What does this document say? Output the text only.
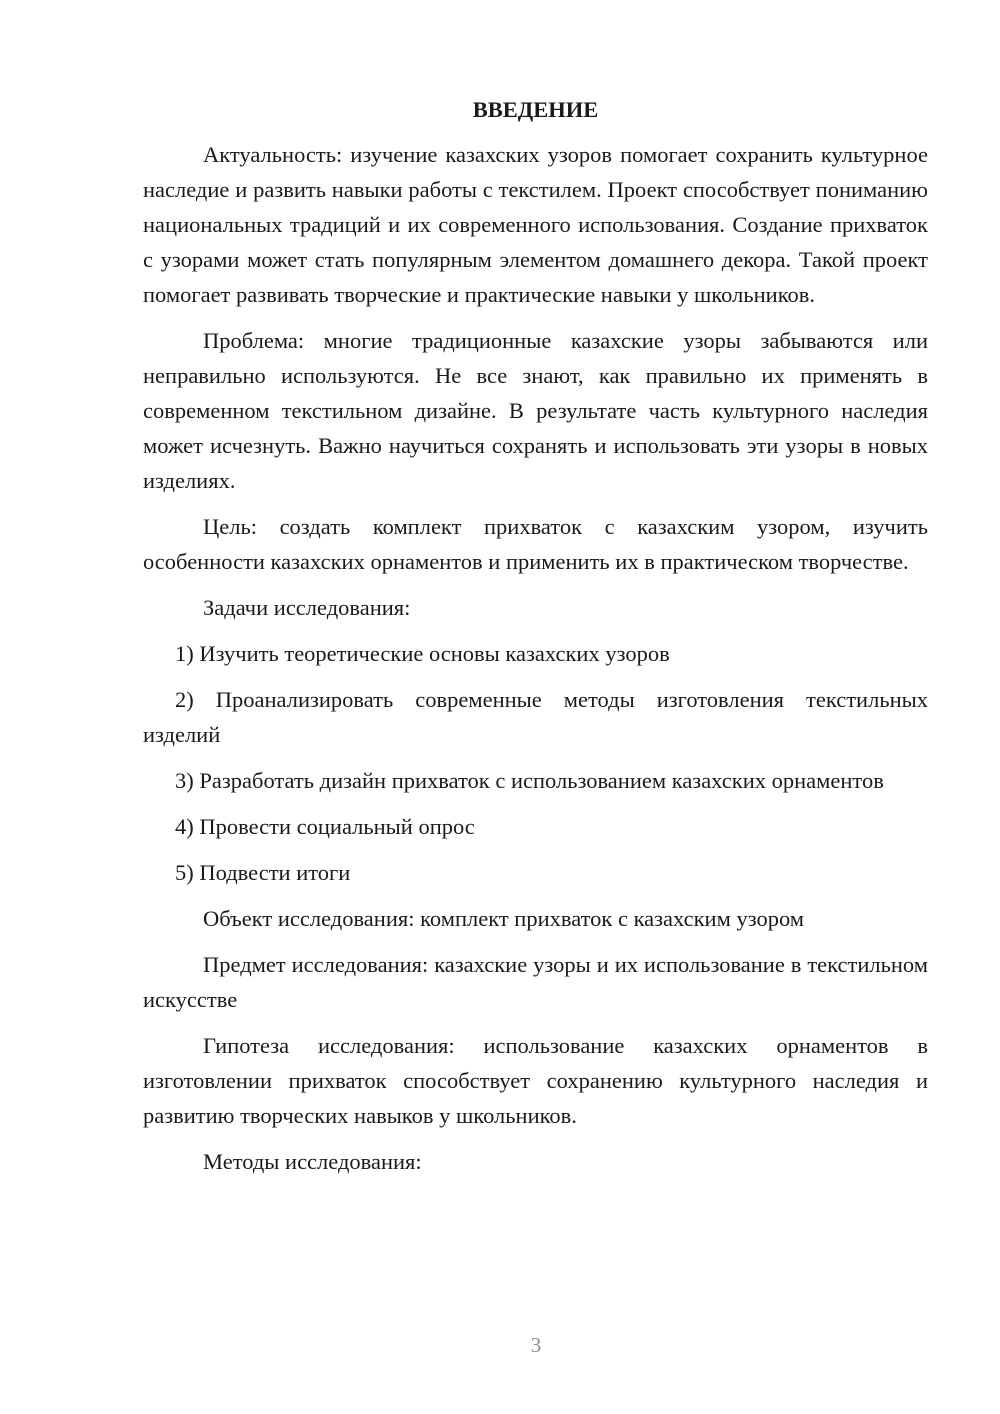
ВВЕДЕНИЕ

Актуальность: изучение казахских узоров помогает сохранить культурное наследие и развить навыки работы с текстилем. Проект способствует пониманию национальных традиций и их современного использования. Создание прихваток с узорами может стать популярным элементом домашнего декора. Такой проект помогает развивать творческие и практические навыки у школьников.

Проблема: многие традиционные казахские узоры забываются или неправильно используются. Не все знают, как правильно их применять в современном текстильном дизайне. В результате часть культурного наследия может исчезнуть. Важно научиться сохранять и использовать эти узоры в новых изделиях.

Цель: создать комплект прихваток с казахским узором, изучить особенности казахских орнаментов и применить их в практическом творчестве.

Задачи исследования:

1) Изучить теоретические основы казахских узоров

2) Проанализировать современные методы изготовления текстильных изделий

3) Разработать дизайн прихваток с использованием казахских орнаментов

4) Провести социальный опрос

5) Подвести итоги

Объект исследования: комплект прихваток с казахским узором

Предмет исследования: казахские узоры и их использование в текстильном искусстве

Гипотеза исследования: использование казахских орнаментов в изготовлении прихваток способствует сохранению культурного наследия и развитию творческих навыков у школьников.

Методы исследования:

3
